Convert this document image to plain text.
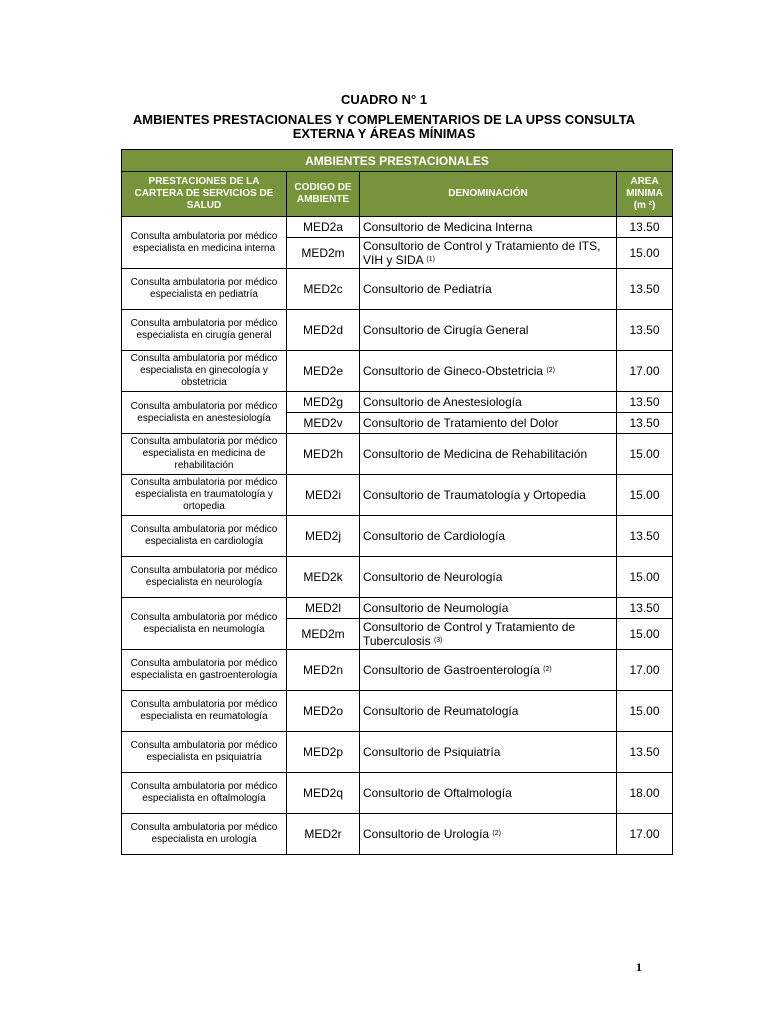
CUADRO N° 1
AMBIENTES PRESTACIONALES Y COMPLEMENTARIOS DE LA UPSS CONSULTA EXTERNA Y ÁREAS MÍNIMAS
AMBIENTES PRESTACIONALES			
PRESTACIONES DE LA CARTERA DE SERVICIOS DE SALUD	CODIGO DE AMBIENTE	DENOMINACIÓN	AREA MINIMA (m ²)
Consulta ambulatoria por médico especialista en medicina interna	MED2a	Consultorio de Medicina Interna	13.50
	MED2m	Consultorio de Control y Tratamiento de ITS, VIH y SIDA $^{(1)}$	15.00
Consulta ambulatoria por médico especialista en pediatría	MED2c	Consultorio de Pediatría	13.50
Consulta ambulatoria por médico especialista en cirugía general	MED2d	Consultorio de Cirugía General	13.50
Consulta ambulatoria por médico especialista en ginecología y obstetricia	MED2e	Consultorio de Gineco-Obstetricia $^{(2)}$	17.00
Consulta ambulatoria por médico especialista en anestesiología	MED2g	Consultorio de Anestesiología	13.50
	MED2v	Consultorio de Tratamiento del Dolor	13.50
Consulta ambulatoria por médico especialista en medicina de rehabilitación	MED2h	Consultorio de Medicina de Rehabilitación	15.00
Consulta ambulatoria por médico especialista en traumatología y ortopedia	MED2i	Consultorio de Traumatología y Ortopedia	15.00
Consulta ambulatoria por médico especialista en cardiología	MED2j	Consultorio de Cardiología	13.50
Consulta ambulatoria por médico especialista en neurología	MED2k	Consultorio de Neurología	15.00
Consulta ambulatoria por médico especialista en neumología	MED2l	Consultorio de Neumología	13.50
	MED2m	Consultorio de Control y Tratamiento de Tuberculosis $^{(3)}$	15.00
Consulta ambulatoria por médico especialista en gastroenterología	MED2n	Consultorio de Gastroenterología $^{(2)}$	17.00
Consulta ambulatoria por médico especialista en reumatología	MED2o	Consultorio de Reumatología	15.00
Consulta ambulatoria por médico especialista en psiquiatría	MED2p	Consultorio de Psiquiatría	13.50
Consulta ambulatoria por médico especialista en oftalmología	MED2q	Consultorio de Oftalmología	18.00
Consulta ambulatoria por médico especialista en urología	MED2r	Consultorio de Urología $^{(2)}$	17.00
1
